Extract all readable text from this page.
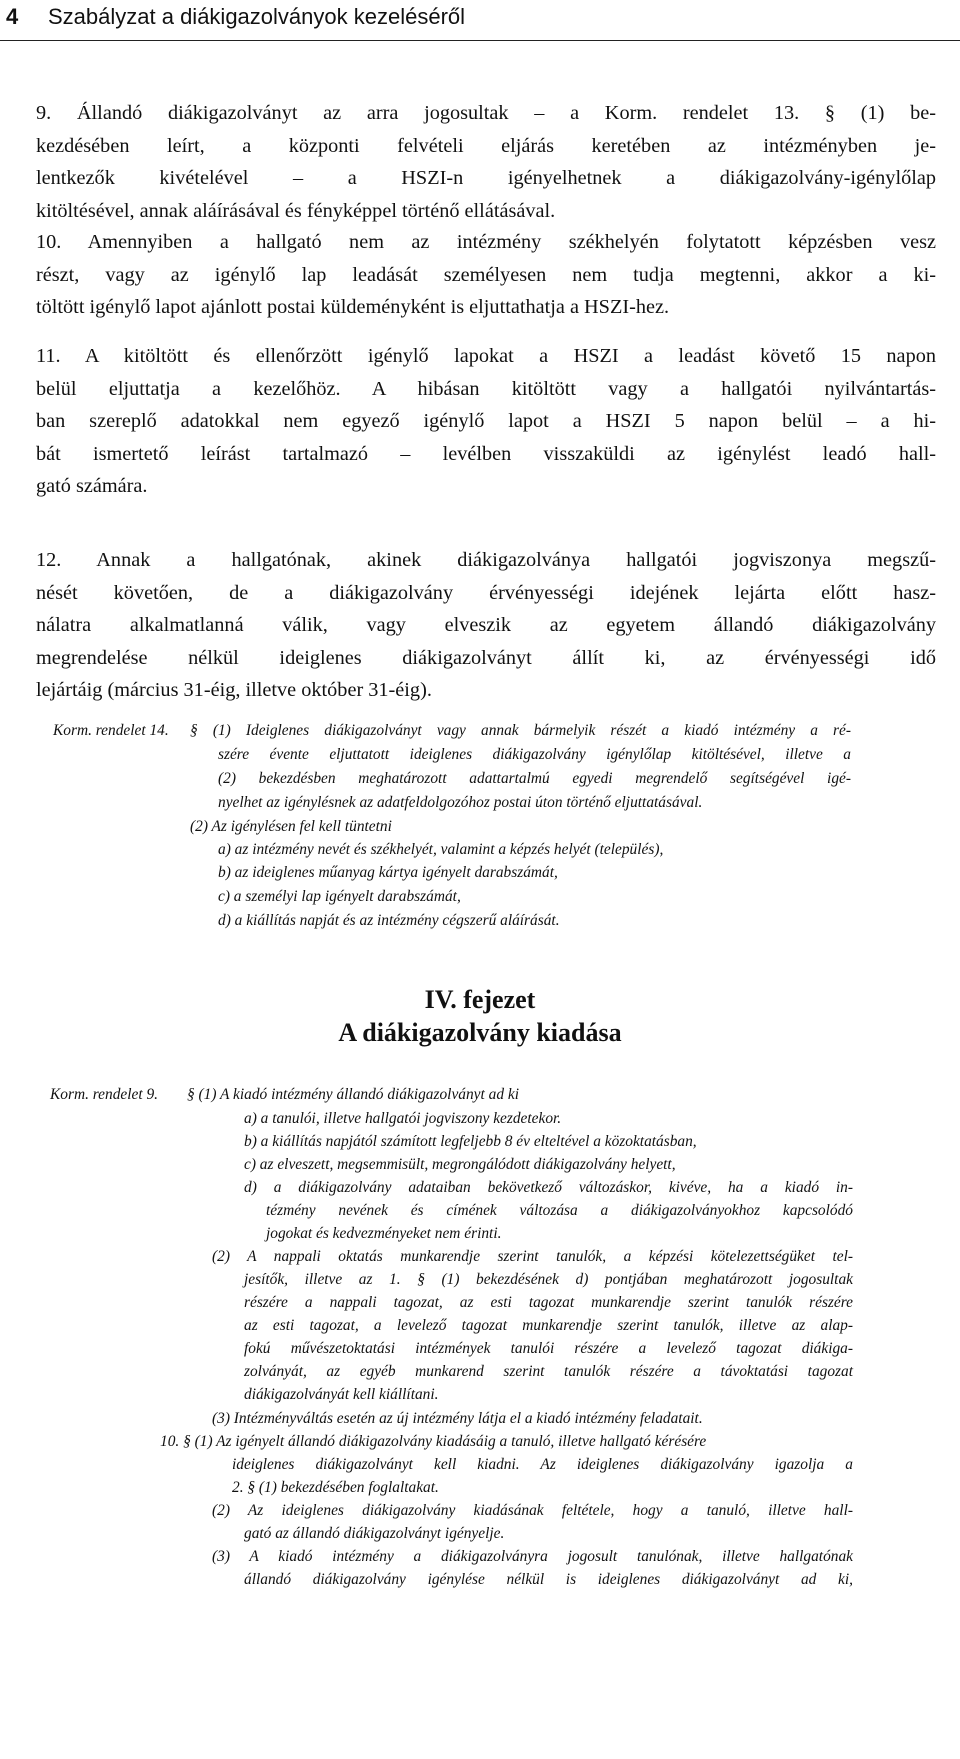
4 Szabályzat a diákigazolványok kezeléséről
9. Állandó diákigazolványt az arra jogosultak – a Korm. rendelet 13. § (1) be-
kezdésében leírt, a központi felvételi eljárás keretében az intézményben je-
lentkezők kivételével – a HSZI-n igényelhetnek a diákigazolvány-igénylőlap
kitöltésével, annak aláírásával és fényképpel történő ellátásával.
10. Amennyiben a hallgató nem az intézmény székhelyén folytatott képzésben vesz
részt, vagy az igénylő lap leadását személyesen nem tudja megtenni, akkor a ki-
töltött igénylő lapot ajánlott postai küldeményként is eljuttathatja a HSZI-hez.
11. A kitöltött és ellenőrzött igénylő lapokat a HSZI a leadást követő 15 napon
belül eljuttatja a kezelőhöz. A hibásan kitöltött vagy a hallgatói nyilvántartás-
ban szereplő adatokkal nem egyező igénylő lapot a HSZI 5 napon belül – a hi-
bát ismertető leírást tartalmazó – levélben visszaküldi az igénylést leadó hall-
gató számára.
12. Annak a hallgatónak, akinek diákigazolványa hallgatói jogviszonya megszű-
nését követően, de a diákigazolvány érvényességi idejének lejárta előtt hasz-
nálatra alkalmatlanná válik, vagy elveszik az egyetem állandó diákigazolvány
megrendelése nélkül ideiglenes diákigazolványt állít ki, az érvényességi idő
lejártáig (március 31-éig, illetve október 31-éig).
Korm. rendelet 14. § (1) Ideiglenes diákigazolványt vagy annak bármelyik részét a kiadó intézmény a ré-
szére évente eljuttatott ideiglenes diákigazolvány igénylőlap kitöltésével, illetve a
(2) bekezdésben meghatározott adattartalmú egyedi megrendelő segítségével igé-
nyelhet az igénylésnek az adatfeldolgozóhoz postai úton történő eljuttatásával.
(2) Az igénylésen fel kell tüntetni
a) az intézmény nevét és székhelyét, valamint a képzés helyét (település),
b) az ideiglenes műanyag kártya igényelt darabszámát,
c) a személyi lap igényelt darabszámát,
d) a kiállítás napját és az intézmény cégszerű aláírását.
IV. fejezet
A diákigazolvány kiadása
Korm. rendelet 9. § (1) A kiadó intézmény állandó diákigazolványt ad ki
a) a tanulói, illetve hallgatói jogviszony kezdetekor.
b) a kiállítás napjától számított legfeljebb 8 év elteltével a közoktatásban,
c) az elveszett, megsemmisült, megrongálódott diákigazolvány helyett,
d) a diákigazolvány adataiban bekövetkező változáskor, kivéve, ha a kiadó in-
tézmény nevének és címének változása a diákigazolványokhoz kapcsolódó
jogokat és kedvezményeket nem érinti.
(2) A nappali oktatás munkarendje szerint tanulók, a képzési kötelezettségüket tel-
jesítők, illetve az 1. § (1) bekezdésének d) pontjában meghatározott jogosultak
részére a nappali tagozat, az esti tagozat munkarendje szerint tanulók részére
az esti tagozat, a levelező tagozat munkarendje szerint tanulók, illetve az alap-
fokú művészetoktatási intézmények tanulói részére a levelező tagozat diákiga-
zolványát, az egyéb munkarend szerint tanulók részére a távoktatási tagozat
diákigazolványát kell kiállítani.
(3) Intézményváltás esetén az új intézmény látja el a kiadó intézmény feladatait.
10. § (1) Az igényelt állandó diákigazolvány kiadásáig a tanuló, illetve hallgató kérésére
ideiglenes diákigazolványt kell kiadni. Az ideiglenes diákigazolvány igazolja a
2. § (1) bekezdésében foglaltakat.
(2) Az ideiglenes diákigazolvány kiadásának feltétele, hogy a tanuló, illetve hall-
gató az állandó diákigazolványt igényelje.
(3) A kiadó intézmény a diákigazolványra jogosult tanulónak, illetve hallgatónak
állandó diákigazolvány igénylése nélkül is ideiglenes diákigazolványt ad ki,
